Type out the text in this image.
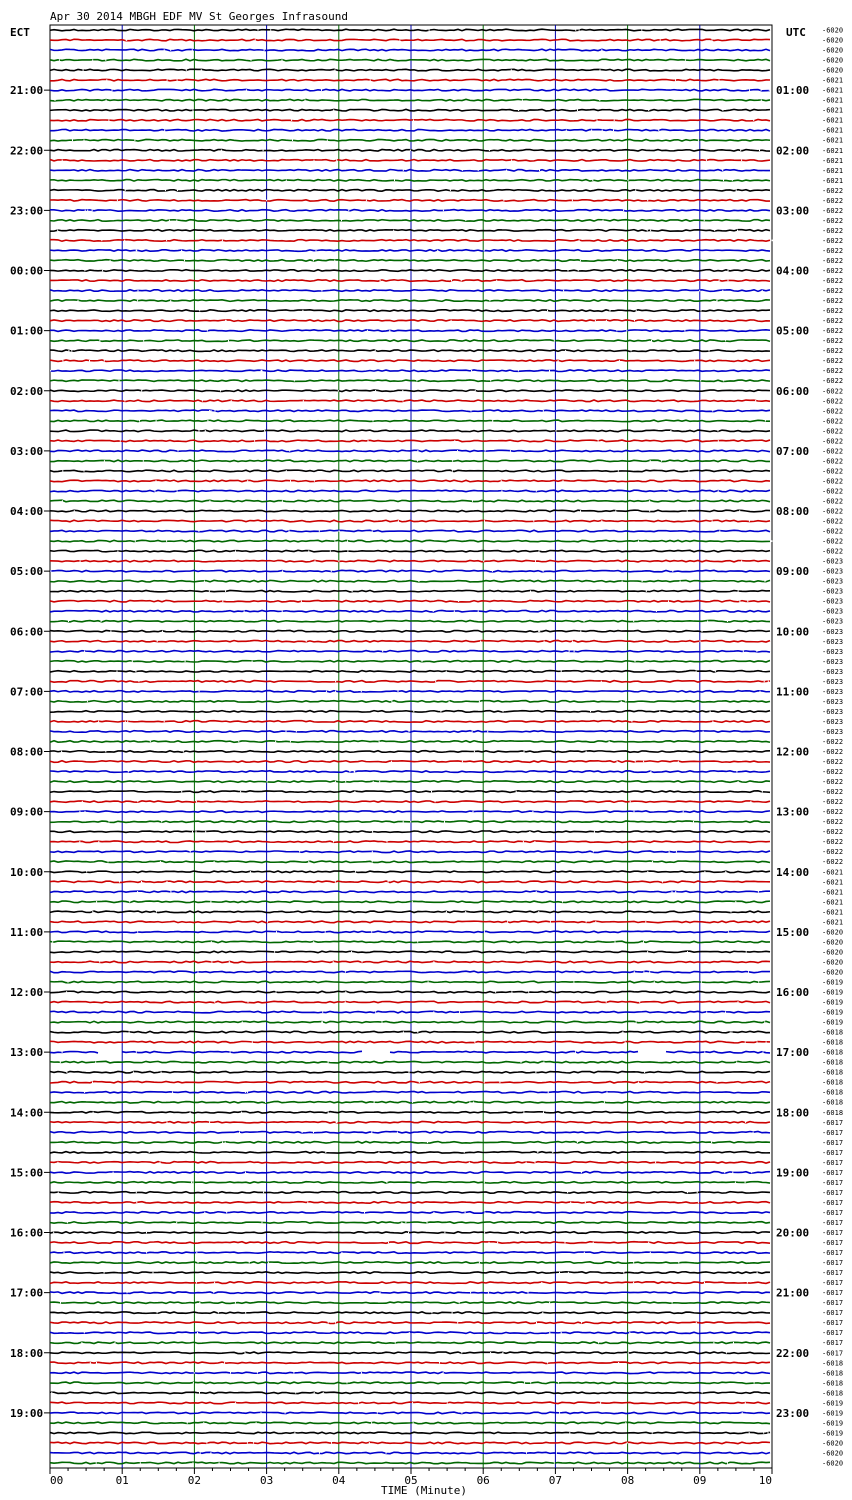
Apr 30 2014 MBGH EDF MV St Georges Infrasound
ECT	UTC
21:00
22:00
23:00
00:00
01:00
02:00
03:00
04:00
05:00
06:00
07:00
08:00
09:00
10:00
11:00
12:00
13:00
14:00
15:00
16:00
17:00
18:00
19:00
01:00
02:00
03:00
04:00
05:00
06:00
07:00
08:00
09:00
10:00
11:00
12:00
13:00
14:00
15:00
16:00
17:00
18:00
19:00
20:00
21:00
22:00
23:00
-6020
-6020
-6020
-6020
-6020
-6021
-6021
-6021
-6021
-6021
-6021
-6021
-6021
-6021
-6021
-6021
-6022
-6022
-6022
-6022
-6022
-6022
-6022
-6022
-6022
-6022
-6022
-6022
-6022
-6022
-6022
-6022
-6022
-6022
-6022
-6022
-6022
-6022
-6022
-6022
-6022
-6022
-6022
-6022
-6022
-6022
-6022
-6022
-6022
-6022
-6022
-6022
-6022
-6023
-6023
-6023
-6023
-6023
-6023
-6023
-6023
-6023
-6023
-6023
-6023
-6023
-6023
-6023
-6023
-6023
-6023
-6022
-6022
-6022
-6022
-6022
-6022
-6022
-6022
-6022
-6022
-6022
-6022
-6022
-6021
-6021
-6021
-6021
-6021
-6021
-6020
-6020
-6020
-6020
-6020
-6019
-6019
-6019
-6019
-6019
-6018
-6018
-6018
-6018
-6018
-6018
-6018
-6018
-6018
-6017
-6017
-6017
-6017
-6017
-6017
-6017
-6017
-6017
-6017
-6017
-6017
-6017
-6017
-6017
-6017
-6017
-6017
-6017
-6017
-6017
-6017
-6017
-6017
-6018
-6018
-6018
-6018
-6019
-6019
-6019
-6019
-6020
-6020
-6020
00	01	02	03	04	05	06	07	08	09	10
TIME (Minute)
